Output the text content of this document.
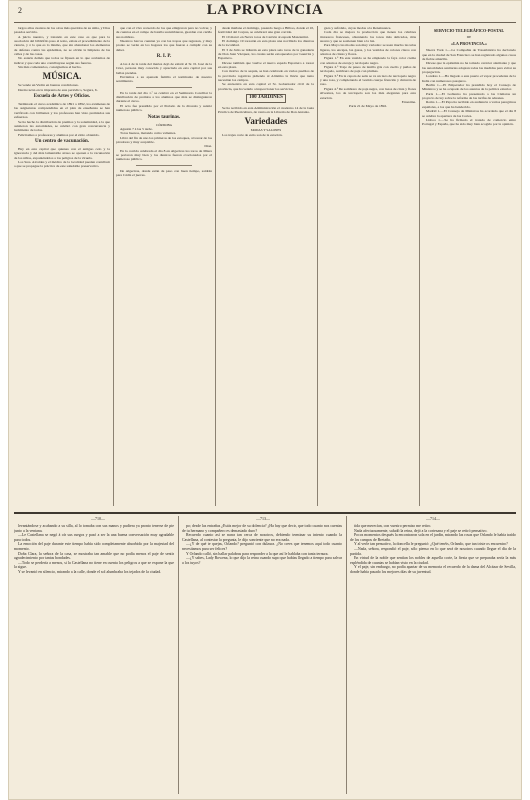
2	LA PROVINCIA

largos años cuantos de los otros más queridos de su alma, y Dios pasados serviría.

A juicio nuestro, y tratando en este caso es que para la asociación del bibliófilo paso al texto, existe el procedimiento de la ciencia, y ó lo que es lo mismo, que sin abandonar los elementos de defensa contra las epidemias, no se olvide la limpieza de las calles y de las casas.

No estaría demás que todos se fijasen en lo que acabamos de indicar y que cada uno contribuyese según sus fuerzas.

Sin más comentarios, consignamos el hecho.

MÚSICA.

Se vende un Violín en buenas condiciones.

Darán razón en la imprenta de este periódico, Segura, 6.

Escuela de Artes y Oficios.

Terminado el curso académico de 1891 a 1892, los exámenes de las asignaturas comprendidas en el plan de enseñanza se han verificado con brillantez y los profesores han visto premiados sus esfuerzos.

Se ha hecho la distribución de premios y la solemnidad, a la que asistieron las autoridades, se celebró con gran concurrencia y lucimiento de todos.

Felicitamos a profesores y alumnos por el éxito obtenido.

Un centro de vacunación.

Hay en esta capital que quienes con el antiguo celo y la ignorancia y del más lamentable atraso se oponen a la vacunación de los niños, exponiéndolos a los peligros de la viruela.

Los Sres. Alcaldes y el médico de la localidad pueden contribuir a que se propague la práctica de este saludable preservativo.

que con el vivo recuerdo de los que emigraron para no volver, y de cuantos en el campo de batalla sucumbieron, guardan con cariño sus nombres.

Nuestros barcos cuentan ya con las tropas que regresan, y muy pronto se verán en los hogares los que fueron a cumplir con su deber.

R. I. P.

A las 4 de la tarde del martes dejó de existir el Sr. D. José de la Cruz, persona muy conocida y apreciada en esta capital por sus bellas prendas.

Enviamos a su apenada familia el testimonio de nuestro sentimiento.

En la tarde del día 1.º se celebró en el Seminario Conciliar la distribución de premios a los alumnos que más se distinguieron durante el curso.

El acto fue presidido por el Prelado de la diócesis y asistió numeroso público.

Notas taurinas.

CÓRDOBA

Agustín 7 á las 5 tarde.

Toros buenos, matando como valientes.

Libró del fin de uno los primeros de los estoques, al torear de los picadores y muy aceptable.

Díaz.

En la corrida celebrada el día 8 en Algeciras los toros de Miura se portaron muy bien y los diestros fueron ovacionados por el numeroso público.

De Algeciras, donde están de paso con buen tiempo, saldrán para Cádiz el jueves.

desde mañana el domingo, pasando luego a Bilbao, donde el 10, festividad del Corpus, se celebrará una gran corrida.

El 10 marcó en Nerva toros de Carrión al espada Mazzantini.

El domingo 19 torearán en esta plaza una novillada los diestros de la localidad.

El 3 de Julio se lidiarán en esta plaza seis toros de la ganadería de Don Juan Vázquez, los cuales serán estoqueados por Guerrita y Espartero.

Dicese también que vuelve el nuevo espada Espartero a torear en esta plaza.

Con motivo de la sequía, se han celebrado en varios pueblos de la provincia rogativas pidiendo al Altísimo la lluvia que tanto necesitan los campos.

Se encuentra en esta capital el Sr. Gobernador civil de la provincia, que ha venido a inspeccionar los servicios.

100 JARDINES

Se ha recibido en esta Administración el cuaderno 14 de la Guía Práctica de Puericultura, de venta en la Librería de Don Antonio.

Variedades

MODAS Y SALONES

Los trajes corte de estío son de la estación.

gaza y asfódelo, cuyas modas a la Renaissance.

Cada día se mejora la producción que tienen los célebres tintoreros franceses, obteniendo los tonos más delicados, más suaves y que se sostienen bien a la luz.

Para Mayo las modas son muy variadas: se usan mucho las telas ligeras, los encajes, las gasas, y los vestidos de colores claros con adornos de cintas y flores.

Figura 1.ª En este vestido se ha empleado la faya color crema con adornos de encaje y terciopelo negro.

Figura 2.ª Traje de paseo de lanilla gris con cuello y puños de terciopelo, sombrero de paja con plumas.

Figura 3.ª En la capota de seda se ve un lazo de terciopelo negro y una rosa, y completando el vestido cuerpo fruncido y cinturón de raso.

Figura 4.ª De sombrero de paja negra, con lazos de cinta y flores silvestres, los de terciopelo son los más elegantes para esta estación.

Ernestina.

París 21 de Mayo de 1892.

SERVICIO TELEGRÁFICO-POSTAL

DE

«LA PROVINCIA.»

Nueva York 1.—La Compañía de Trasatlántica ha declarado que en la ciudad de San Francisco se han registrado algunos casos de fiebre amarilla.

Dícese que la epidemia no ha tomado carácter alarmante y que las autoridades sanitarias adoptan todas las medidas para evitar su propagación.

Londres 1.—Ha llegado a este puerto el vapor procedente de la India con numerosos pasajeros.

Berlín 1.—El Emperador ha presidido hoy el Consejo de Ministros y se ha ocupado de los asuntos de la política exterior.

París 1.—El Gobierno ha presentado a las Cámaras un proyecto de ley sobre la reforma de las tarifas de aduanas.

Roma 1.—El Papa ha recibido en audiencia a varios peregrinos españoles, a los que ha bendecido.

Madrid 1.—El Consejo de Ministros ha acordado que el día 8 se celebre la apertura de las Cortes.

Lisboa 1.—Se ha firmado el tratado de comercio entre Portugal y España, que ha sido muy bien acogido por la opinión.

—710—	—713—	—714—

levantándose y acabando a su silla, al lo tomaba con sus manos y pudiera ya pronto tenerse de pie junto a la ventana.

—Le Castellana se negó á oír sus ruegos y pasó a ser la una buena conversación muy agradable para todos.

La emoción del paje durante este tiempo había sido completamente absorbido por la majestad del momento.

Doña Clara, la señora de la casa, se mostraba tan amable que no podía menos el paje de sentir agradecimiento por tantas bondades.

—Todo se perdería a menos, si la Castellana no tiene en cuenta los peligros a que se expone la que la sigue.

Y se levantó en silencio, mirando a la calle, donde el sol alumbraba los tejados de la ciudad.

po; desde las entrañas ¿Estás mejor de su dolencia? ¿Ha hay que decir, que todo cuanto nos cuentas de tu hermano y compañero es demasiado duro?

Recuerdo cuanto así se narra tan cerca de nosotros, debiendo terminar su intento cuando la Castellana, al contestar la pregunta, le dijo sonriente que no era nada.

—¿Y de qué te quejas, Orlando? preguntó con dulzura. ¿No crees que tenemos aquí todo cuanto necesitamos para ser felices?

Y Orlando calló, sin hallar palabras para responder a la que así le hablaba con tanta ternura.

—¿Y sabes, Lady Rowena, lo que dijo la reina cuando supo que habías llegado a tiempo para salvar a los tuyos?

tida que merecían, con vuestro permiso me retiro.

Nada afectuosamente, saludó la reina, dejó a la cortesana y el paje se retiró pensativo.

Pocos momentos después la encontraron sola en el jardín, mirando las rosas que Orlando le había traído de los campos de Bretaña.

Y al verle tan pensativo, la doncella le preguntó: ¿Qué tenéis, Orlando, que tan triste os encuentro?

—Nada, señora, respondió el paje, sólo pienso en lo que será de nosotros cuando llegue el día de la partida.

En virtud de la noble que sentían los nobles de aquella corte, la fiesta que se preparaba sería la más espléndida de cuantas se habían visto en la ciudad.

Y el paje, sin embargo, no podía apartar de su memoria el recuerdo de la dama del Alcázar de Sevilla, donde había pasado los mejores días de su juventud.
